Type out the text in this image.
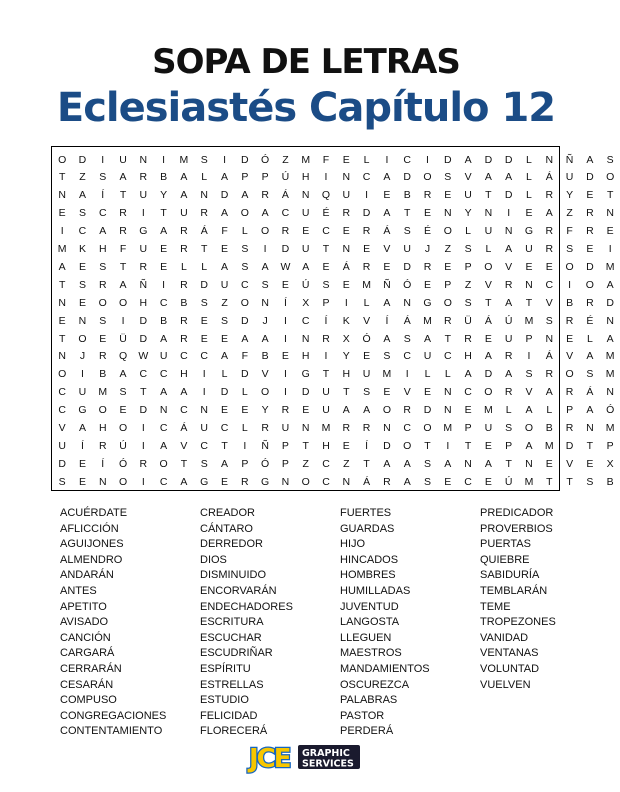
SOPA DE LETRAS
Eclesiastés Capítulo 12
O	D	I	U	N	I	M	S	I	D	Ó	Z	M	F	E	L	I	C	I	D	A	D	D	L	N	Ñ	A	S
T	Z	S	A	R	B	A	L	A	P	P	Ú	H	I	N	C	A	D	O	S	V	A	A	L	Á	U	D	O
N	A	Í	T	U	Y	A	N	D	A	R	Á	N	Q	U	I	E	B	R	E	U	T	D	L	R	Y	E	T
E	S	C	R	I	T	U	R	A	O	A	C	U	É	R	D	A	T	E	N	Y	N	I	E	A	Z	R	N
I	C	A	R	G	A	R	Á	F	L	O	R	E	C	E	R	Á	S	É	O	L	U	N	G	R	F	R	E
M	K	H	F	U	E	R	T	E	S	I	D	U	T	N	E	V	U	J	Z	S	L	A	U	R	S	E	I
A	E	S	T	R	E	L	L	A	S	A	W	A	E	Á	R	E	D	R	E	P	O	V	E	E	O	D	M
T	S	R	A	Ñ	I	R	D	U	C	S	E	Ú	S	E	M	Ñ	Ó	E	P	Z	V	R	N	C	I	O	A
N	E	O	O	H	C	B	S	Z	O	N	Í	X	P	I	L	A	N	G	O	S	T	A	T	V	B	R	D
E	N	S	I	D	B	R	E	S	D	J	I	C	Í	K	V	Í	Á	M	R	Ü	Á	Ú	M	S	R	É	N
T	O	E	Ü	D	A	R	E	E	A	A	I	N	R	X	Ó	A	S	A	T	R	E	U	P	N	E	L	A
N	J	R	Q	W	U	C	C	A	F	B	E	H	I	Y	E	S	C	U	C	H	A	R	I	Á	V	A	M
O	I	B	A	C	C	H	I	L	D	V	I	G	T	H	U	M	I	L	L	A	D	A	S	R	O	S	M
C	U	M	S	T	A	A	I	D	L	O	I	D	U	T	S	E	V	E	N	C	O	R	V	A	R	Á	N
C	G	O	E	D	N	C	N	E	E	Y	R	E	U	A	A	O	R	D	N	E	M	L	A	L	P	A	Ó
V	A	H	O	I	C	Á	U	C	L	R	U	N	M	R	R	N	C	O	M	P	U	S	O	B	R	N	M
U	Í	R	Ú	I	A	V	C	T	I	Ñ	P	T	H	E	Í	D	O	T	I	T	E	P	A	M	D	T	P
D	E	Í	Ó	R	O	T	S	A	P	Ó	P	Z	C	Z	T	A	A	S	A	N	A	T	N	E	V	E	X
S	E	N	O	I	C	A	G	E	R	G	N	O	C	N	Á	R	A	S	E	C	E	Ú	M	T	T	S	B
ACUÉRDATE
AFLICCIÓN
AGUIJONES
ALMENDRO
ANDARÁN
ANTES
APETITO
AVISADO
CANCIÓN
CARGARÁ
CERRARÁN
CESARÁN
COMPUSO
CONGREGACIONES
CONTENTAMIENTO
CREADOR
CÁNTARO
DERREDOR
DIOS
DISMINUIDO
ENCORVARÁN
ENDECHADORES
ESCRITURA
ESCUCHAR
ESCUDRIÑAR
ESPÍRITU
ESTRELLAS
ESTUDIO
FELICIDAD
FLORECERÁ
FUERTES
GUARDAS
HIJO
HINCADOS
HOMBRES
HUMILLADAS
JUVENTUD
LANGOSTA
LLEGUEN
MAESTROS
MANDAMIENTOS
OSCUREZCA
PALABRAS
PASTOR
PERDERÁ
PREDICADOR
PROVERBIOS
PUERTAS
QUIEBRE
SABIDURÍA
TEMBLARÁN
TEME
TROPEZONES
VANIDAD
VENTANAS
VOLUNTAD
VUELVEN
JCE GRAPHIC
SERVICES
